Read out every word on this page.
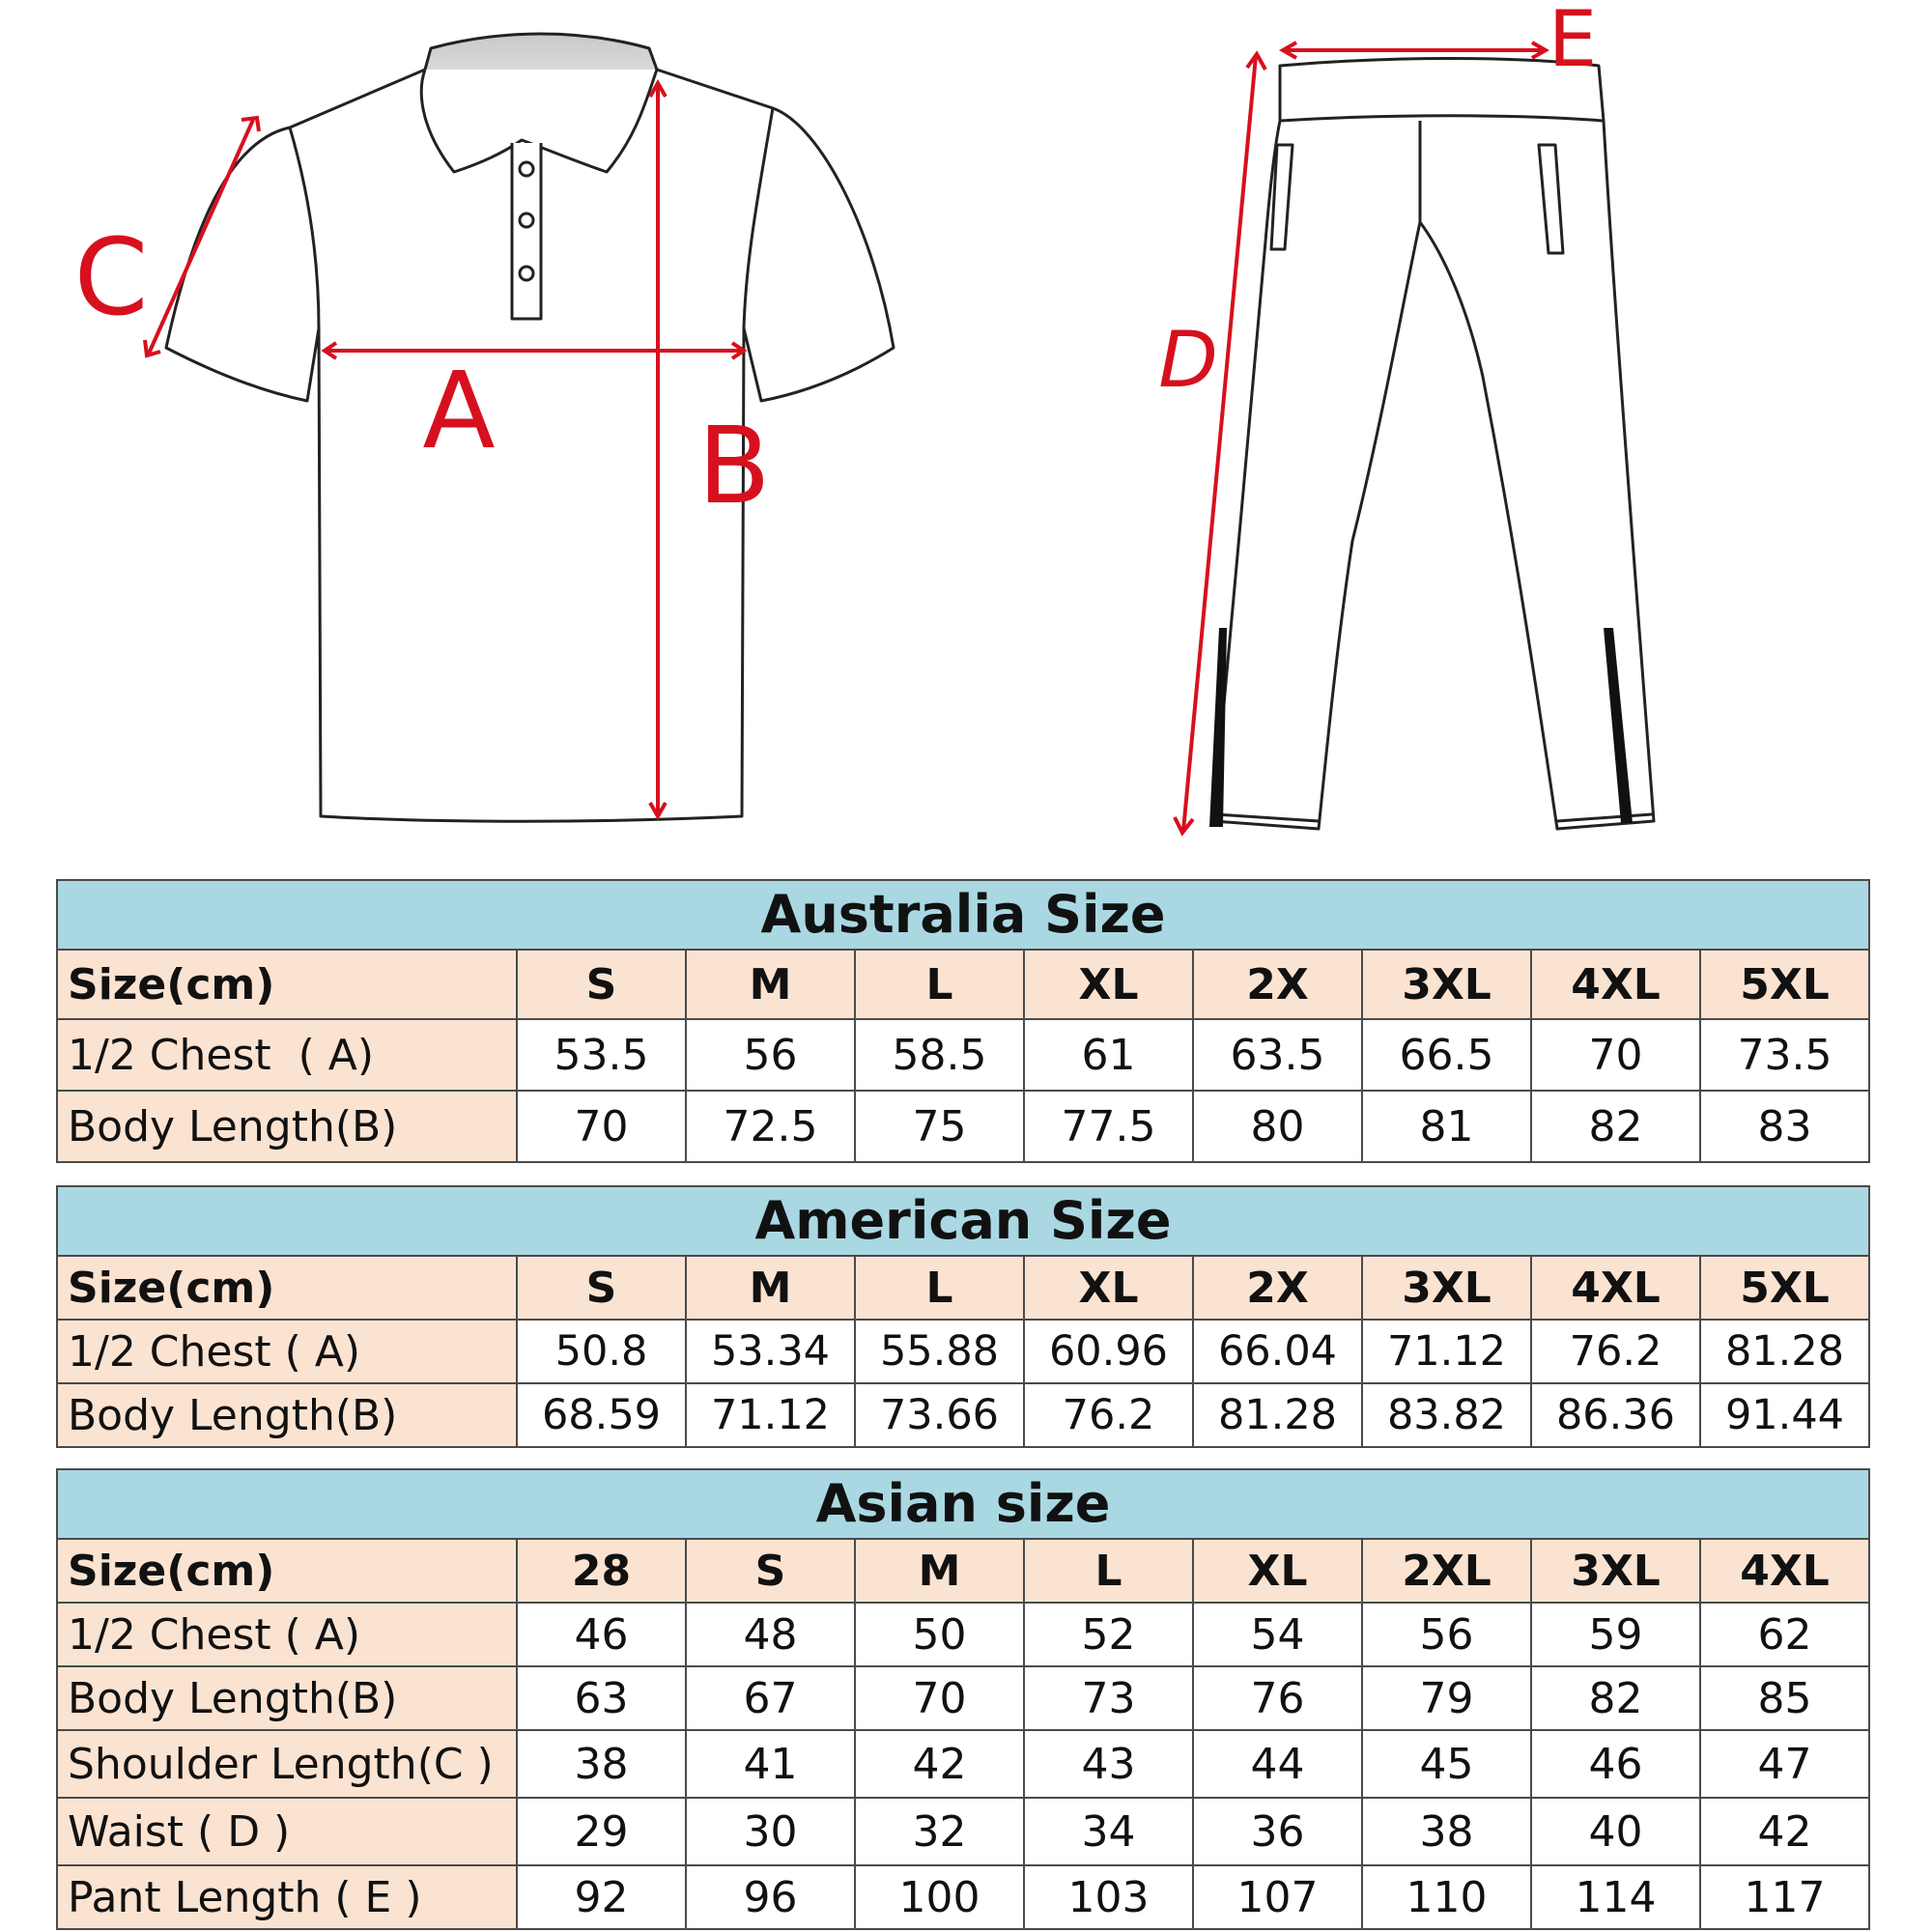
A B
C
D
E
Australia Size								
Size(cm)	S	M	L	XL	2X	3XL	4XL	5XL
1/2 Chest  ( A)	53.5	56	58.5	61	63.5	66.5	70	73.5
Body Length(B)	70	72.5	75	77.5	80	81	82	83
American Size								
Size(cm)	S	M	L	XL	2X	3XL	4XL	5XL
1/2 Chest ( A)	50.8	53.34	55.88	60.96	66.04	71.12	76.2	81.28
Body Length(B)	68.59	71.12	73.66	76.2	81.28	83.82	86.36	91.44
Asian size								
Size(cm)	28	S	M	L	XL	2XL	3XL	4XL
1/2 Chest ( A)	46	48	50	52	54	56	59	62
Body Length(B)	63	67	70	73	76	79	82	85
Shoulder Length(C )	38	41	42	43	44	45	46	47
Waist ( D )	29	30	32	34	36	38	40	42
Pant Length ( E )	92	96	100	103	107	110	114	117
